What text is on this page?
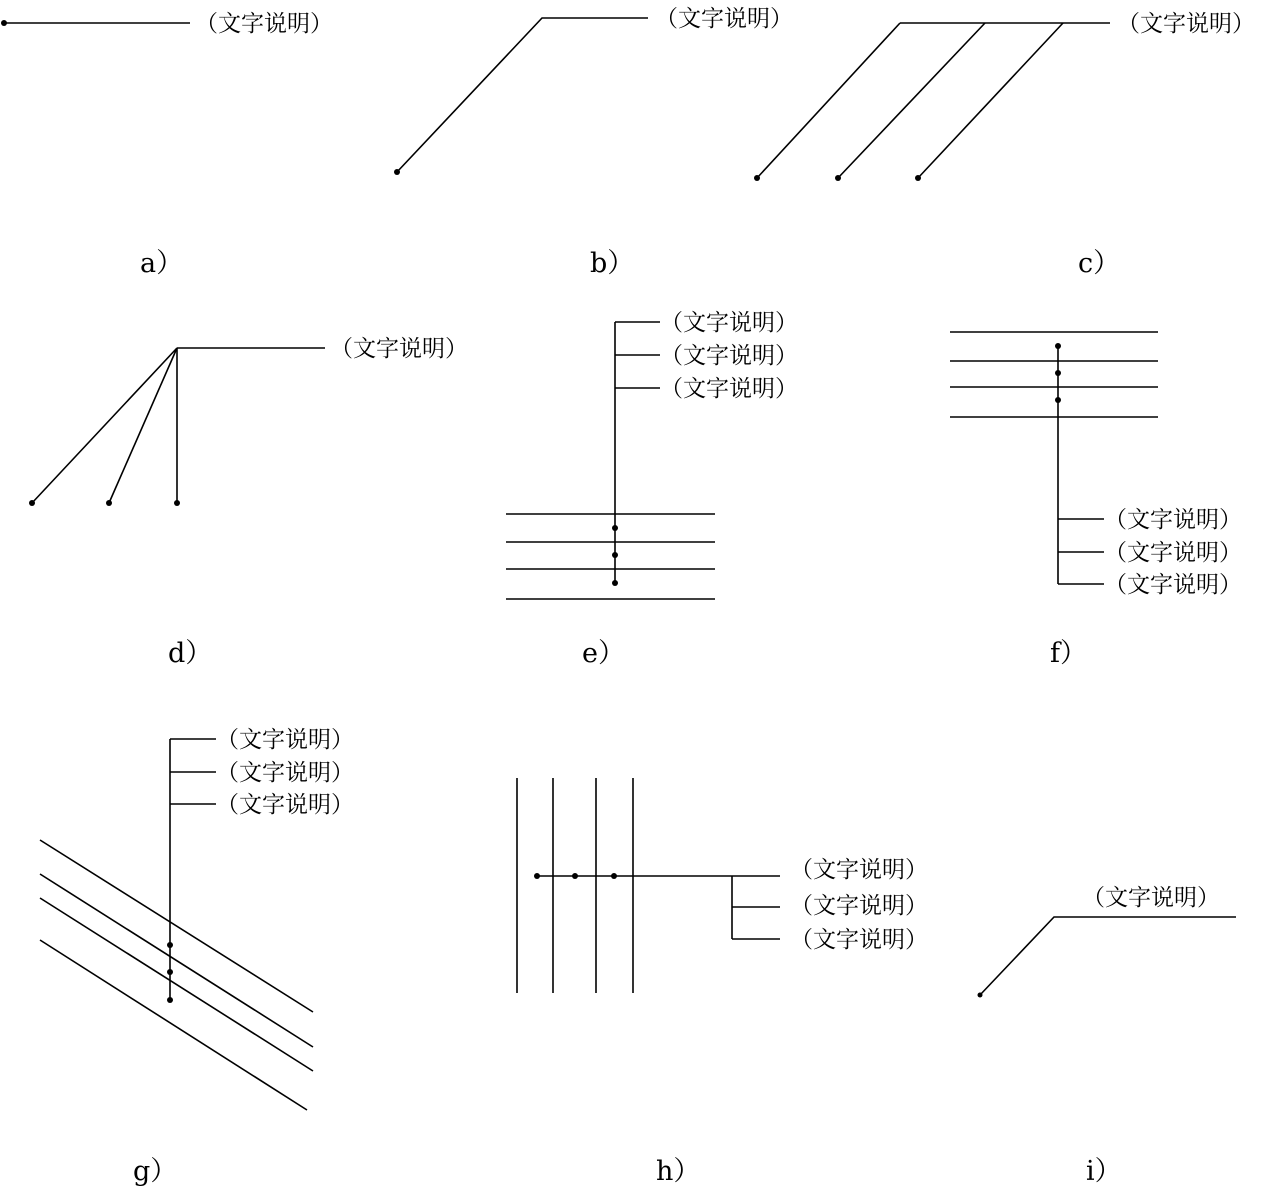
（文字说明）
a）
（文字说明）
b）
（文字说明）
c）
（文字说明）
d）
（文字说明）
（文字说明）
（文字说明）
e）
（文字说明）
（文字说明）
（文字说明）
f）
（文字说明）
（文字说明）
（文字说明）
g）
（文字说明）
（文字说明）
（文字说明）
h）
（文字说明）
i）
